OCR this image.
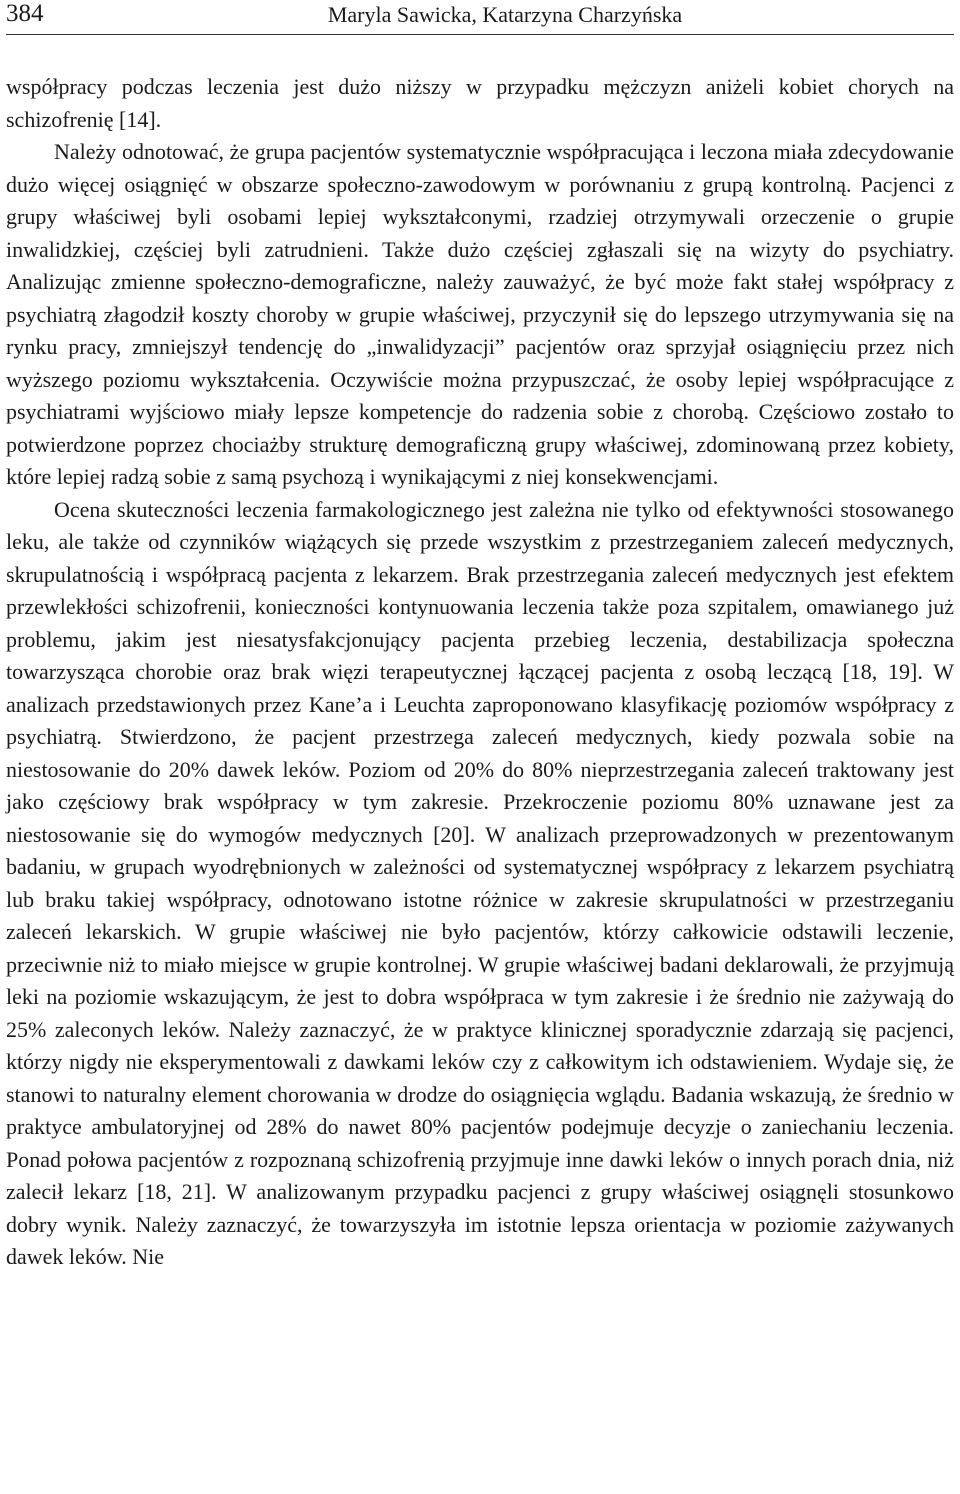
384	Maryla Sawicka, Katarzyna Charzyńska

współpracy podczas leczenia jest dużo niższy w przypadku mężczyzn aniżeli kobiet chorych na schizofrenię [14].

Należy odnotować, że grupa pacjentów systematycznie współpracująca i leczona miała zdecydowanie dużo więcej osiągnięć w obszarze społeczno-zawodowym w porównaniu z grupą kontrolną. Pacjenci z grupy właściwej byli osobami lepiej wykształconymi, rzadziej otrzymywali orzeczenie o grupie inwalidzkiej, częściej byli zatrudnieni. Także dużo częściej zgłaszali się na wizyty do psychiatry. Analizując zmienne społeczno-demograficzne, należy zauważyć, że być może fakt stałej współpracy z psychiatrą złagodził koszty choroby w grupie właściwej, przyczynił się do lepszego utrzymywania się na rynku pracy, zmniejszył tendencję do „inwalidyzacji” pacjentów oraz sprzyjał osiągnięciu przez nich wyższego poziomu wykształcenia. Oczywiście można przypuszczać, że osoby lepiej współpracujące z psychiatrami wyjściowo miały lepsze kompetencje do radzenia sobie z chorobą. Częściowo zostało to potwierdzone poprzez chociażby strukturę demograficzną grupy właściwej, zdominowaną przez kobiety, które lepiej radzą sobie z samą psychozą i wynikającymi z niej konsekwencjami.

Ocena skuteczności leczenia farmakologicznego jest zależna nie tylko od efektywności stosowanego leku, ale także od czynników wiążących się przede wszystkim z przestrzeganiem zaleceń medycznych, skrupulatnością i współpracą pacjenta z lekarzem. Brak przestrzegania zaleceń medycznych jest efektem przewlekłości schizofrenii, konieczności kontynuowania leczenia także poza szpitalem, omawianego już problemu, jakim jest niesatysfakcjonujący pacjenta przebieg leczenia, destabilizacja społeczna towarzysząca chorobie oraz brak więzi terapeutycznej łączącej pacjenta z osobą leczącą [18, 19]. W analizach przedstawionych przez Kane’a i Leuchta zaproponowano klasyfikację poziomów współpracy z psychiatrą. Stwierdzono, że pacjent przestrzega zaleceń medycznych, kiedy pozwala sobie na niestosowanie do 20% dawek leków. Poziom od 20% do 80% nieprzestrzegania zaleceń traktowany jest jako częściowy brak współpracy w tym zakresie. Przekroczenie poziomu 80% uznawane jest za niestosowanie się do wymogów medycznych [20]. W analizach przeprowadzonych w prezentowanym badaniu, w grupach wyodrębnionych w zależności od systematycznej współpracy z lekarzem psychiatrą lub braku takiej współpracy, odnotowano istotne różnice w zakresie skrupulatności w przestrzeganiu zaleceń lekarskich. W grupie właściwej nie było pacjentów, którzy całkowicie odstawili leczenie, przeciwnie niż to miało miejsce w grupie kontrolnej. W grupie właściwej badani deklarowali, że przyjmują leki na poziomie wskazującym, że jest to dobra współpraca w tym zakresie i że średnio nie zażywają do 25% zaleconych leków. Należy zaznaczyć, że w praktyce klinicznej sporadycznie zdarzają się pacjenci, którzy nigdy nie eksperymentowali z dawkami leków czy z całkowitym ich odstawieniem. Wydaje się, że stanowi to naturalny element chorowania w drodze do osiągnięcia wglądu. Badania wskazują, że średnio w praktyce ambulatoryjnej od 28% do nawet 80% pacjentów podejmuje decyzje o zaniechaniu leczenia. Ponad połowa pacjentów z rozpoznaną schizofrenią przyjmuje inne dawki leków o innych porach dnia, niż zalecił lekarz [18, 21]. W analizowanym przypadku pacjenci z grupy właściwej osiągnęli stosunkowo dobry wynik. Należy zaznaczyć, że towarzyszyła im istotnie lepsza orientacja w poziomie zażywanych dawek leków. Nie
